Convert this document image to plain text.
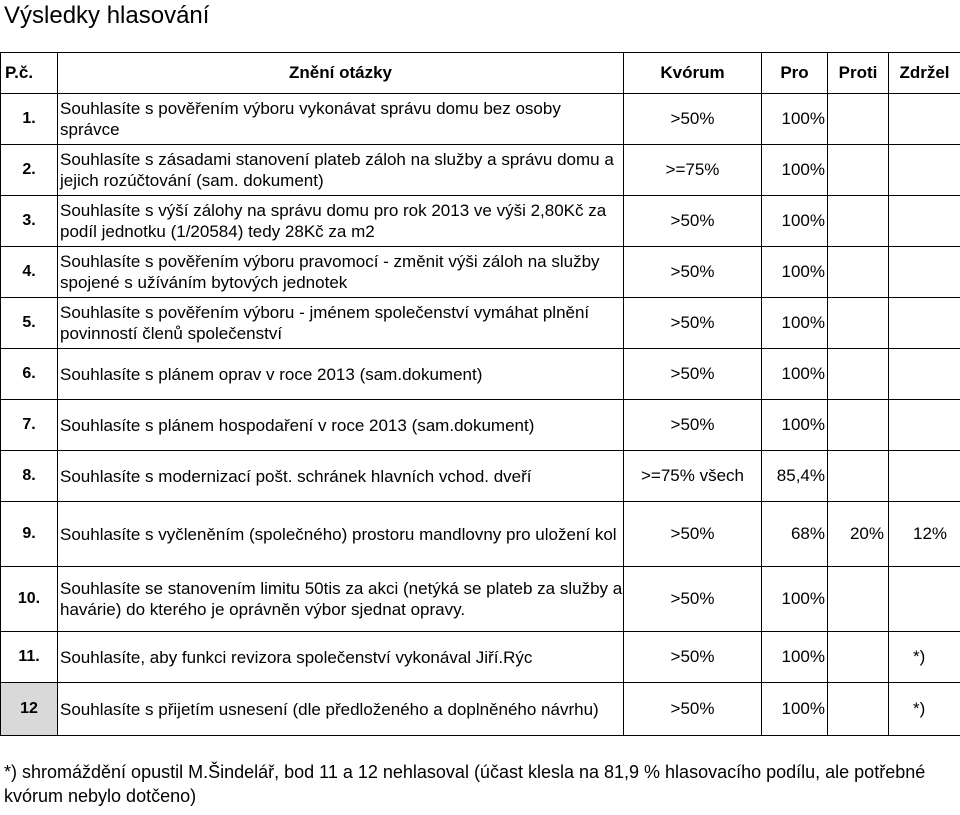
Výsledky hlasování
P.č.	Znění otázky	Kvórum	Pro	Proti	Zdržel
1.	Souhlasíte s pověřením výboru vykonávat správu domu bez osoby správce	>50%	100%		
2.	Souhlasíte s zásadami stanovení plateb záloh na služby a správu domu a jejich rozúčtování (sam. dokument)	>=75%	100%		
3.	Souhlasíte s výší zálohy na správu domu pro rok 2013 ve výši 2,80Kč za podíl jednotku (1/20584) tedy 28Kč za m2	>50%	100%		
4.	Souhlasíte s pověřením výboru pravomocí - změnit výši záloh na služby spojené s užíváním bytových jednotek	>50%	100%		
5.	Souhlasíte s pověřením výboru - jménem společenství vymáhat plnění povinností členů společenství	>50%	100%		
6.	Souhlasíte s plánem oprav v roce 2013 (sam.dokument)	>50%	100%		
7.	Souhlasíte s plánem hospodaření v roce 2013 (sam.dokument)	>50%	100%		
8.	Souhlasíte s modernizací pošt. schránek hlavních vchod. dveří	>=75% všech	85,4%		
9.	Souhlasíte s vyčleněním (společného) prostoru mandlovny pro uložení kol	>50%	68%	20%	12%
10.	Souhlasíte se stanovením limitu 50tis za akci (netýká se plateb za služby a havárie) do kterého je oprávněn výbor sjednat opravy.	>50%	100%		
11.	Souhlasíte, aby funkci revizora společenství vykonával Jiří.Rýc	>50%	100%		*)
12	Souhlasíte s přijetím usnesení (dle předloženého a doplněného návrhu)	>50%	100%		*)
*) shromáždění opustil M.Šindelář, bod 11 a 12 nehlasoval (účast klesla na 81,9 % hlasovacího podílu, ale potřebné kvórum nebylo dotčeno)
